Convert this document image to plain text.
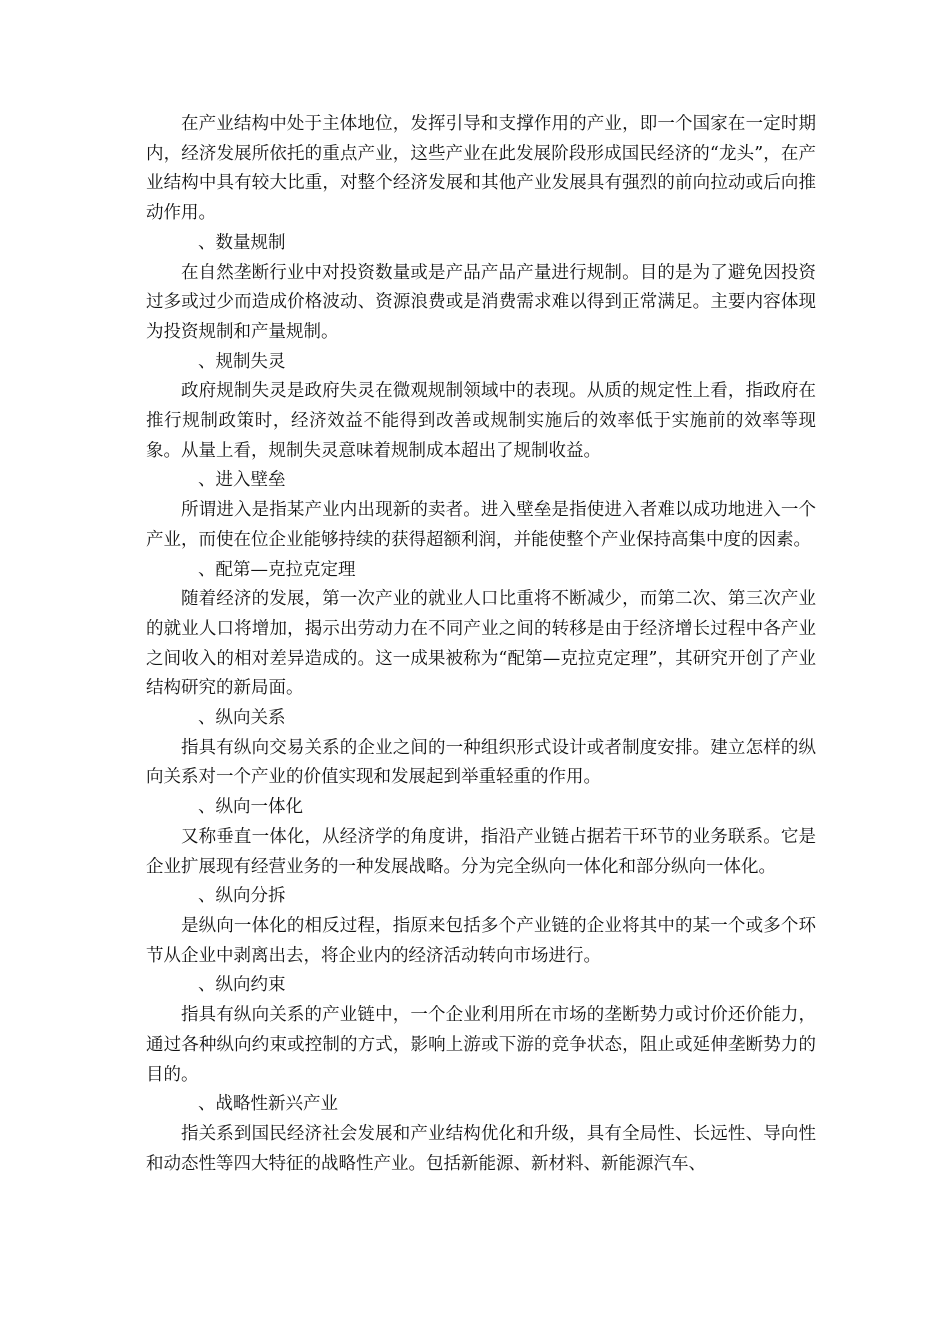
在产业结构中处于主体地位，发挥引导和支撑作用的产业，即一个国家在一定时期内，经济发展所依托的重点产业，这些产业在此发展阶段形成国民经济的“龙头”，在产业结构中具有较大比重，对整个经济发展和其他产业发展具有强烈的前向拉动或后向推动作用。

、数量规制

在自然垄断行业中对投资数量或是产品产品产量进行规制。目的是为了避免因投资过多或过少而造成价格波动、资源浪费或是消费需求难以得到正常满足。主要内容体现为投资规制和产量规制。

、规制失灵

政府规制失灵是政府失灵在微观规制领域中的表现。从质的规定性上看，指政府在推行规制政策时，经济效益不能得到改善或规制实施后的效率低于实施前的效率等现象。从量上看，规制失灵意味着规制成本超出了规制收益。

、进入壁垒

所谓进入是指某产业内出现新的卖者。进入壁垒是指使进入者难以成功地进入一个产业，而使在位企业能够持续的获得超额利润，并能使整个产业保持高集中度的因素。

、配第—克拉克定理

随着经济的发展，第一次产业的就业人口比重将不断减少，而第二次、第三次产业的就业人口将增加，揭示出劳动力在不同产业之间的转移是由于经济增长过程中各产业之间收入的相对差异造成的。这一成果被称为“配第—克拉克定理”，其研究开创了产业结构研究的新局面。

、纵向关系

指具有纵向交易关系的企业之间的一种组织形式设计或者制度安排。建立怎样的纵向关系对一个产业的价值实现和发展起到举重轻重的作用。

、纵向一体化

又称垂直一体化，从经济学的角度讲，指沿产业链占据若干环节的业务联系。它是企业扩展现有经营业务的一种发展战略。分为完全纵向一体化和部分纵向一体化。

、纵向分拆

是纵向一体化的相反过程，指原来包括多个产业链的企业将其中的某一个或多个环节从企业中剥离出去，将企业内的经济活动转向市场进行。

、纵向约束

指具有纵向关系的产业链中，一个企业利用所在市场的垄断势力或讨价还价能力，通过各种纵向约束或控制的方式，影响上游或下游的竞争状态，阻止或延伸垄断势力的目的。

、战略性新兴产业

指关系到国民经济社会发展和产业结构优化和升级，具有全局性、长远性、导向性和动态性等四大特征的战略性产业。包括新能源、新材料、新能源汽车、
